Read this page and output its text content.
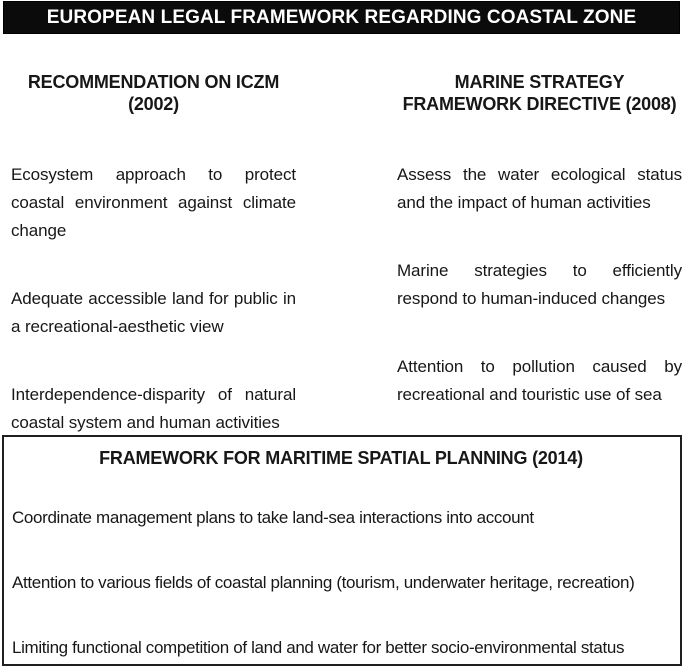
EUROPEAN LEGAL FRAMEWORK REGARDING COASTAL ZONE
RECOMMENDATION ON ICZM
(2002)

Ecosystem approach to protect coastal environment against climate change

Adequate accessible land for public in a recreational-aesthetic view

Interdependence-disparity of natural coastal system and human activities

MARINE STRATEGY
FRAMEWORK DIRECTIVE (2008)

Assess the water ecological status and the impact of human activities

Marine strategies to efficiently respond to human-induced changes

Attention to pollution caused by recreational and touristic use of sea

FRAMEWORK FOR MARITIME SPATIAL PLANNING (2014)

Coordinate management plans to take land-sea interactions into account

Attention to various fields of coastal planning (tourism, underwater heritage, recreation)

Limiting functional competition of land and water for better socio-environmental status
